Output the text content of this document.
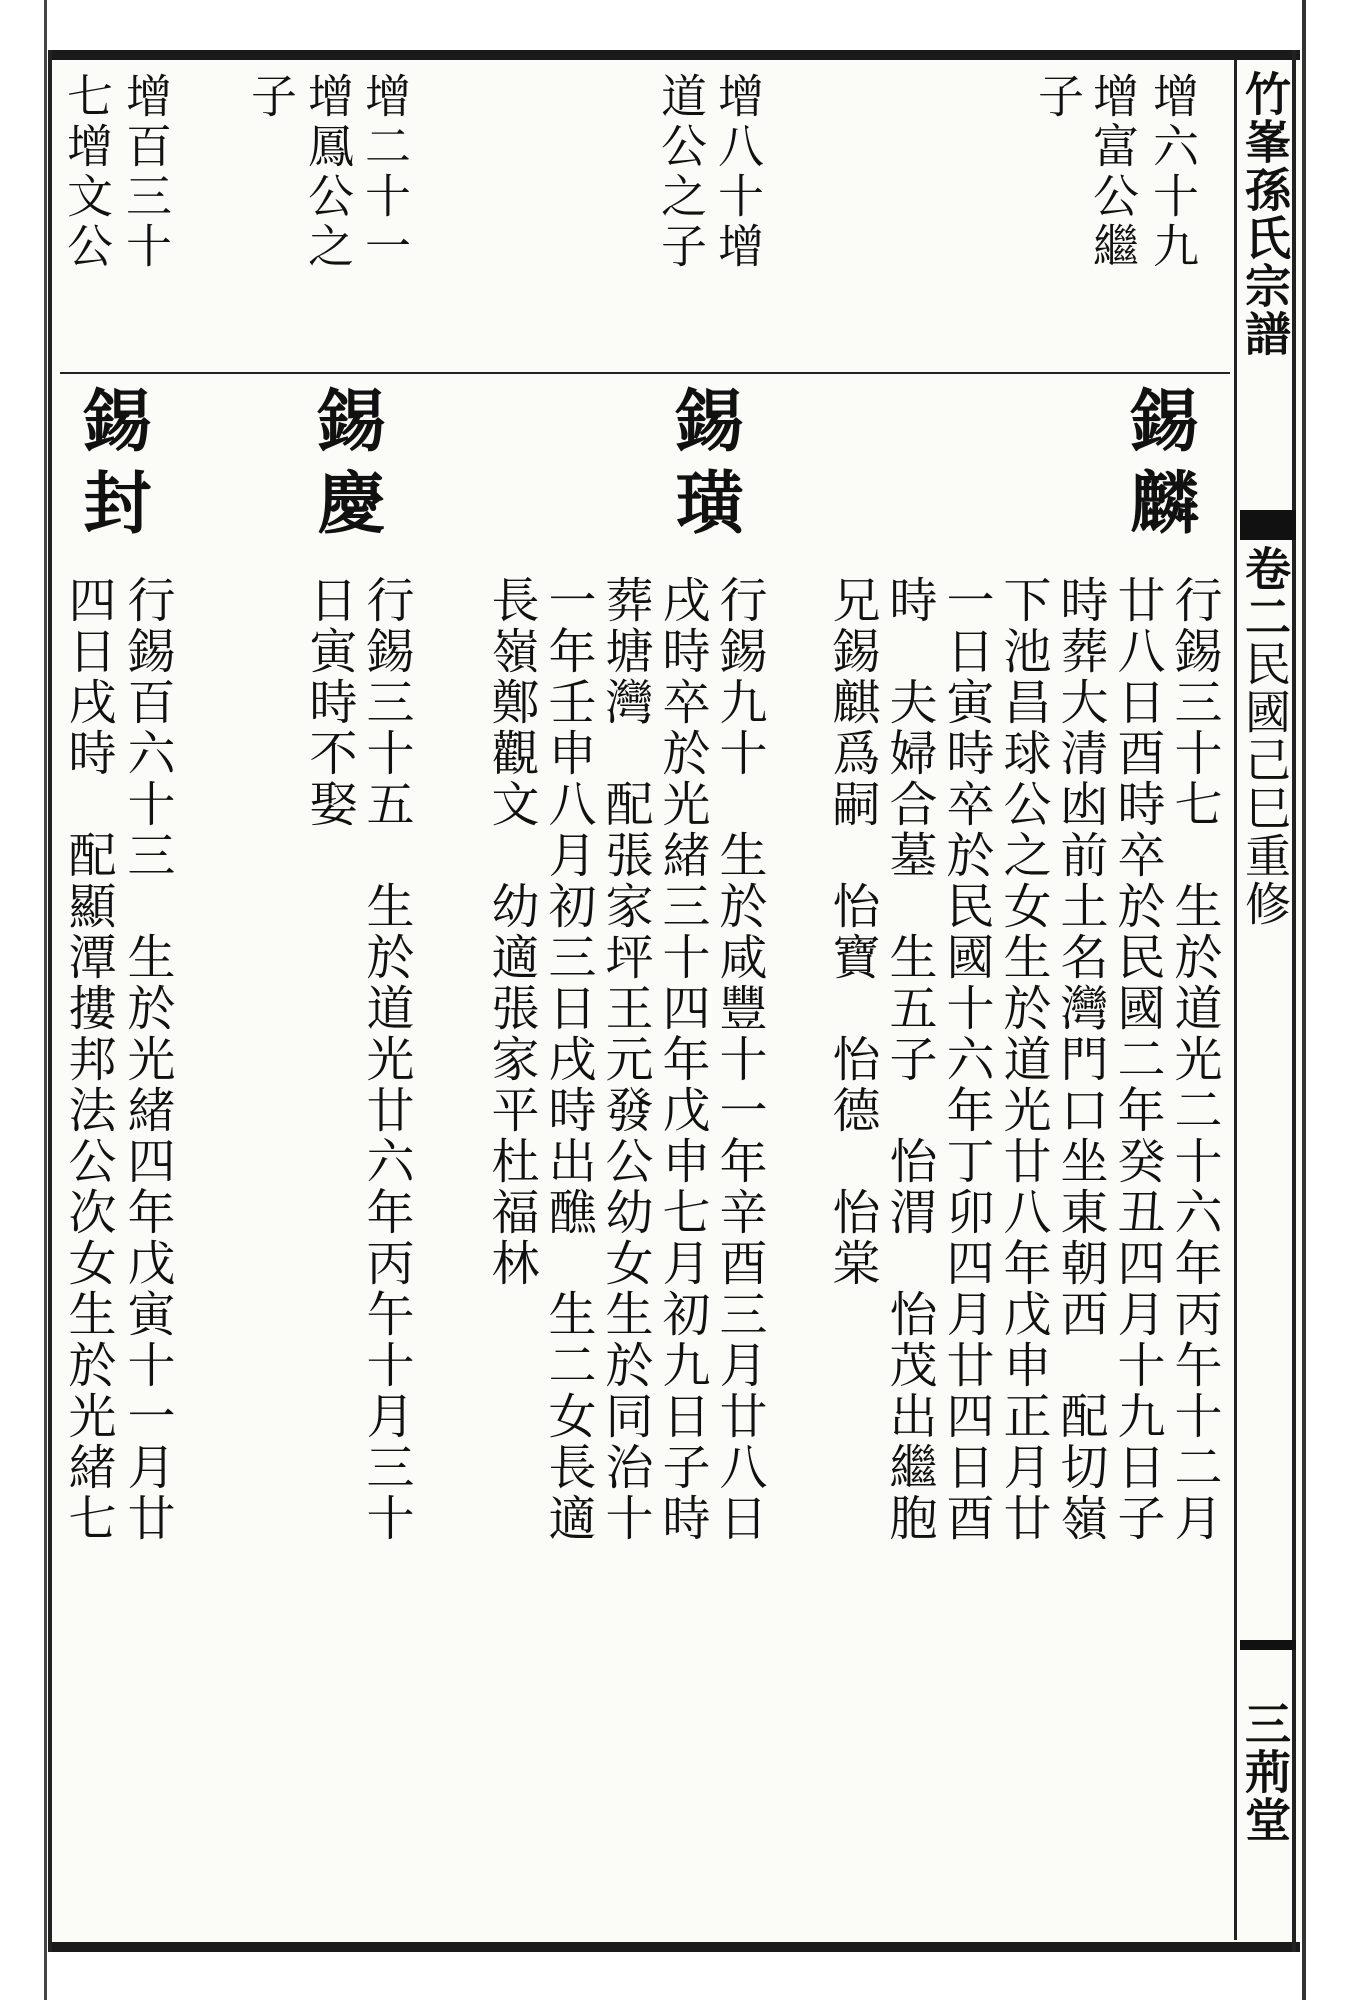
竹峯孫氏宗譜
卷二
民國己巳重修
三荊堂
增六十九
增富公繼
子
錫麟
行錫三十七　生於道光二十六年丙午十二月
廿八日酉時卒於民國二年癸丑四月十九日子
時葬大清凼前土名灣門口坐東朝西　配切嶺
下池昌球公之女生於道光廿八年戊申正月廿
一日寅時卒於民國十六年丁卯四月廿四日酉
時　夫婦合墓　生五子　怡渭　怡茂出繼胞
兄錫麒爲嗣　怡寶　怡德　怡棠
增八十增
道公之子
錫璜
行錫九十　生於咸豐十一年辛酉三月廿八日
戌時卒於光緒三十四年戊申七月初九日子時
葬塘灣　配張家坪王元發公幼女生於同治十
一年壬申八月初三日戌時出醮　生二女長適
長嶺鄭觀文　幼適張家平杜福林
增二十一
增鳳公之
子
錫慶
行錫三十五　生於道光廿六年丙午十月三十
日寅時不娶
增百三十
七增文公
錫封
行錫百六十三　生於光緒四年戊寅十一月廿
四日戌時　配顯潭摟邦法公次女生於光緒七
